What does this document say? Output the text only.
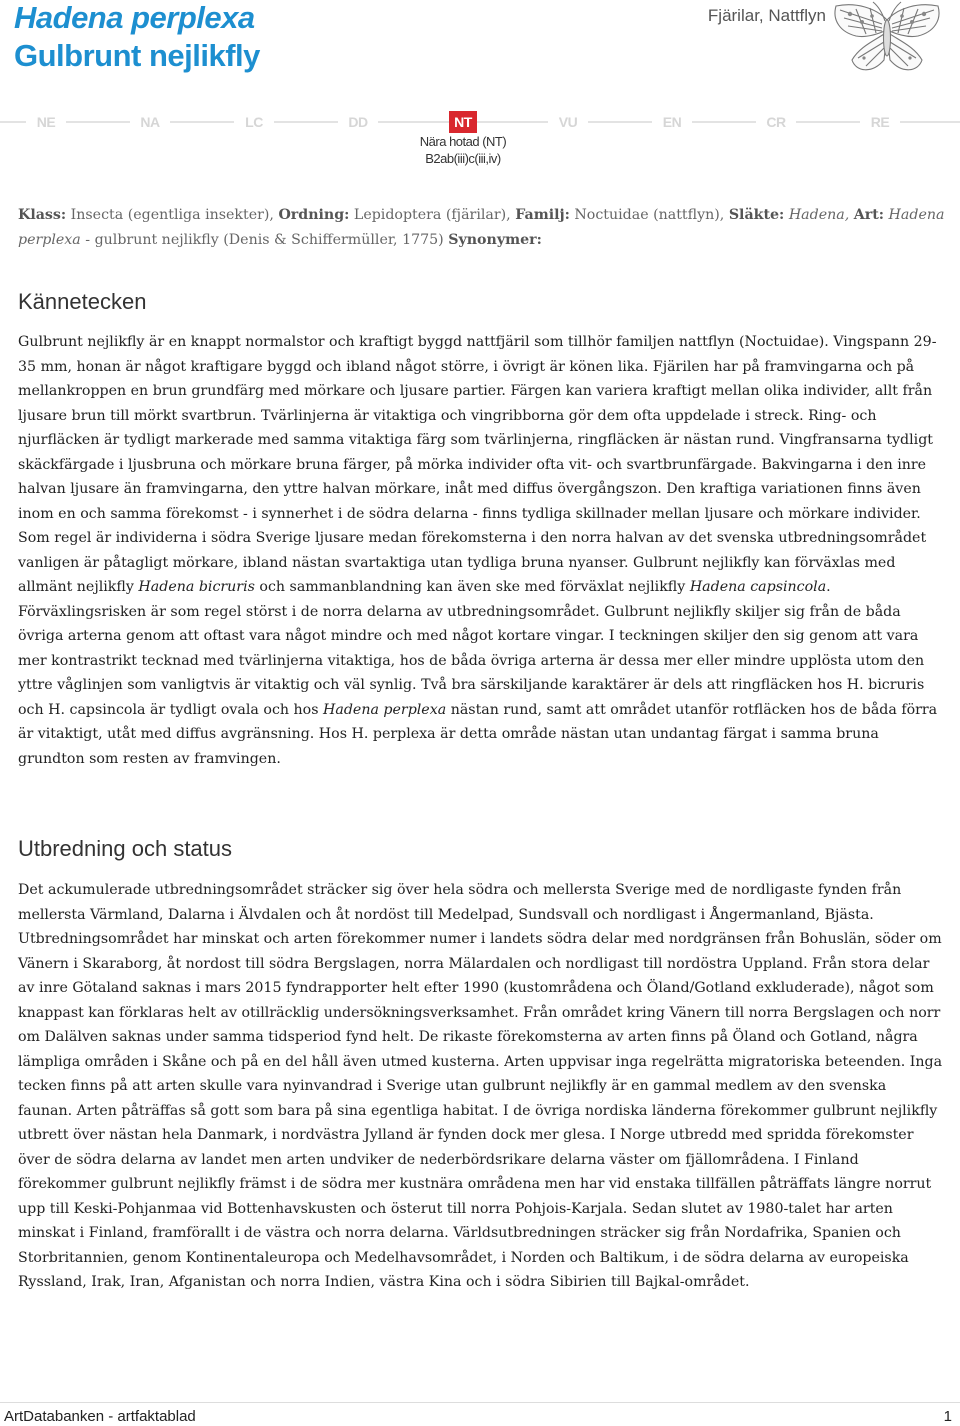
Hadena perplexa
Gulbrunt nejlikfly
Fjärilar, Nattflyn
NE	NA	LC	DD	NT	VU	EN	CR	RE
Nära hotad (NT)
B2ab(iii)c(iii,iv)

Klass: Insecta (egentliga insekter), Ordning: Lepidoptera (fjärilar), Familj: Noctuidae (nattflyn), Släkte: Hadena, Art: Hadena perplexa - gulbrunt nejlikfly (Denis & Schiffermüller, 1775) Synonymer:

Kännetecken

Gulbrunt nejlikfly är en knappt normalstor och kraftigt byggd nattfjäril som tillhör familjen nattflyn (Noctuidae). Vingspann 29-35 mm, honan är något kraftigare byggd och ibland något större, i övrigt är könen lika. Fjärilen har på framvingarna och på mellankroppen en brun grundfärg med mörkare och ljusare partier. Färgen kan variera kraftigt mellan olika individer, allt från ljusare brun till mörkt svartbrun. Tvärlinjerna är vitaktiga och vingribborna gör dem ofta uppdelade i streck. Ring- och njurfläcken är tydligt markerade med samma vitaktiga färg som tvärlinjerna, ringfläcken är nästan rund. Vingfransarna tydligt skäckfärgade i ljusbruna och mörkare bruna färger, på mörka individer ofta vit- och svartbrunfärgade. Bakvingarna i den inre halvan ljusare än framvingarna, den yttre halvan mörkare, inåt med diffus övergångszon. Den kraftiga variationen finns även inom en och samma förekomst - i synnerhet i de södra delarna - finns tydliga skillnader mellan ljusare och mörkare individer. Som regel är individerna i södra Sverige ljusare medan förekomsterna i den norra halvan av det svenska utbredningsområdet vanligen är påtagligt mörkare, ibland nästan svartaktiga utan tydliga bruna nyanser. Gulbrunt nejlikfly kan förväxlas med allmänt nejlikfly Hadena bicruris och sammanblandning kan även ske med förväxlat nejlikfly Hadena capsincola. Förväxlingsrisken är som regel störst i de norra delarna av utbredningsområdet. Gulbrunt nejlikfly skiljer sig från de båda övriga arterna genom att oftast vara något mindre och med något kortare vingar. I teckningen skiljer den sig genom att vara mer kontrastrikt tecknad med tvärlinjerna vitaktiga, hos de båda övriga arterna är dessa mer eller mindre upplösta utom den yttre våglinjen som vanligtvis är vitaktig och väl synlig. Två bra särskiljande karaktärer är dels att ringfläcken hos H. bicruris och H. capsincola är tydligt ovala och hos Hadena perplexa nästan rund, samt att området utanför rotfläcken hos de båda förra är vitaktigt, utåt med diffus avgränsning. Hos H. perplexa är detta område nästan utan undantag färgat i samma bruna grundton som resten av framvingen.

Utbredning och status

Det ackumulerade utbredningsområdet sträcker sig över hela södra och mellersta Sverige med de nordligaste fynden från mellersta Värmland, Dalarna i Älvdalen och åt nordöst till Medelpad, Sundsvall och nordligast i Ångermanland, Bjästa. Utbredningsområdet har minskat och arten förekommer numer i landets södra delar med nordgränsen från Bohuslän, söder om Vänern i Skaraborg, åt nordost till södra Bergslagen, norra Mälardalen och nordligast till nordöstra Uppland. Från stora delar av inre Götaland saknas i mars 2015 fyndrapporter helt efter 1990 (kustområdena och Öland/Gotland exkluderade), något som knappast kan förklaras helt av otillräcklig undersökningsverksamhet. Från området kring Vänern till norra Bergslagen och norr om Dalälven saknas under samma tidsperiod fynd helt. De rikaste förekomsterna av arten finns på Öland och Gotland, några lämpliga områden i Skåne och på en del håll även utmed kusterna. Arten uppvisar inga regelrätta migratoriska beteenden. Inga tecken finns på att arten skulle vara nyinvandrad i Sverige utan gulbrunt nejlikfly är en gammal medlem av den svenska faunan. Arten påträffas så gott som bara på sina egentliga habitat. I de övriga nordiska länderna förekommer gulbrunt nejlikfly utbrett över nästan hela Danmark, i nordvästra Jylland är fynden dock mer glesa. I Norge utbredd med spridda förekomster över de södra delarna av landet men arten undviker de nederbördsrikare delarna väster om fjällområdena. I Finland förekommer gulbrunt nejlikfly främst i de södra mer kustnära områdena men har vid enstaka tillfällen påträffats längre norrut upp till Keski-Pohjanmaa vid Bottenhavskusten och österut till norra Pohjois-Karjala. Sedan slutet av 1980-talet har arten minskat i Finland, framförallt i de västra och norra delarna. Världsutbredningen sträcker sig från Nordafrika, Spanien och Storbritannien, genom Kontinentaleuropa och Medelhavsområdet, i Norden och Baltikum, i de södra delarna av europeiska Ryssland, Irak, Iran, Afganistan och norra Indien, västra Kina och i södra Sibirien till Bajkal-området.

ArtDatabanken - artfaktablad	1
